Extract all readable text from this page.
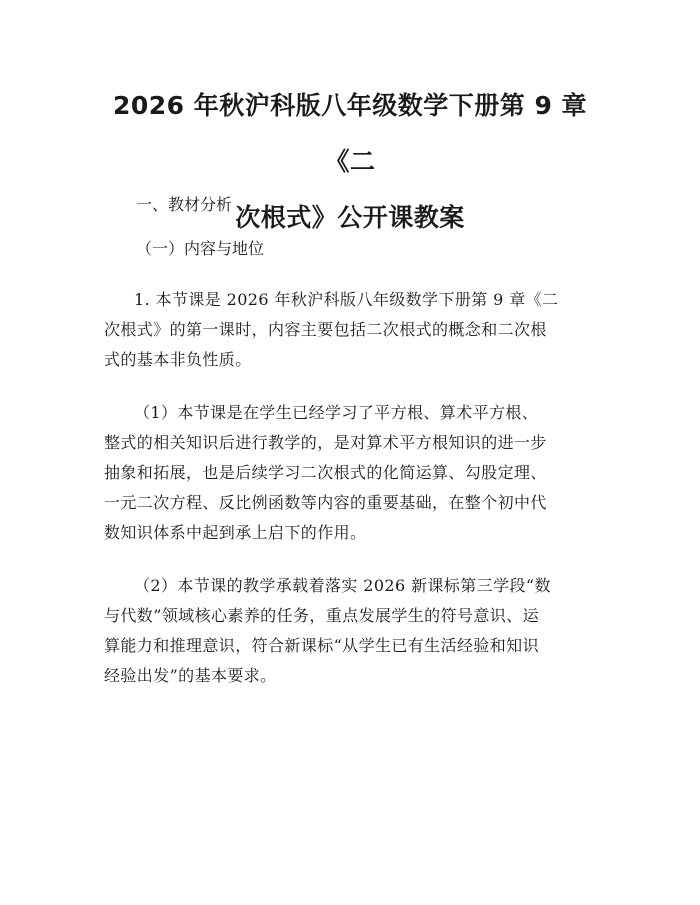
2026 年秋沪科版八年级数学下册第 9 章《二
次根式》公开课教案

一、教材分析

（一）内容与地位

1. 本节课是 2026 年秋沪科版八年级数学下册第 9 章《二
次根式》的第一课时，内容主要包括二次根式的概念和二次根
式的基本非负性质。

（1）本节课是在学生已经学习了平方根、算术平方根、
整式的相关知识后进行教学的，是对算术平方根知识的进一步
抽象和拓展，也是后续学习二次根式的化简运算、勾股定理、
一元二次方程、反比例函数等内容的重要基础，在整个初中代
数知识体系中起到承上启下的作用。

（2）本节课的教学承载着落实 2026 新课标第三学段“数
与代数”领域核心素养的任务，重点发展学生的符号意识、运
算能力和推理意识，符合新课标“从学生已有生活经验和知识
经验出发”的基本要求。
